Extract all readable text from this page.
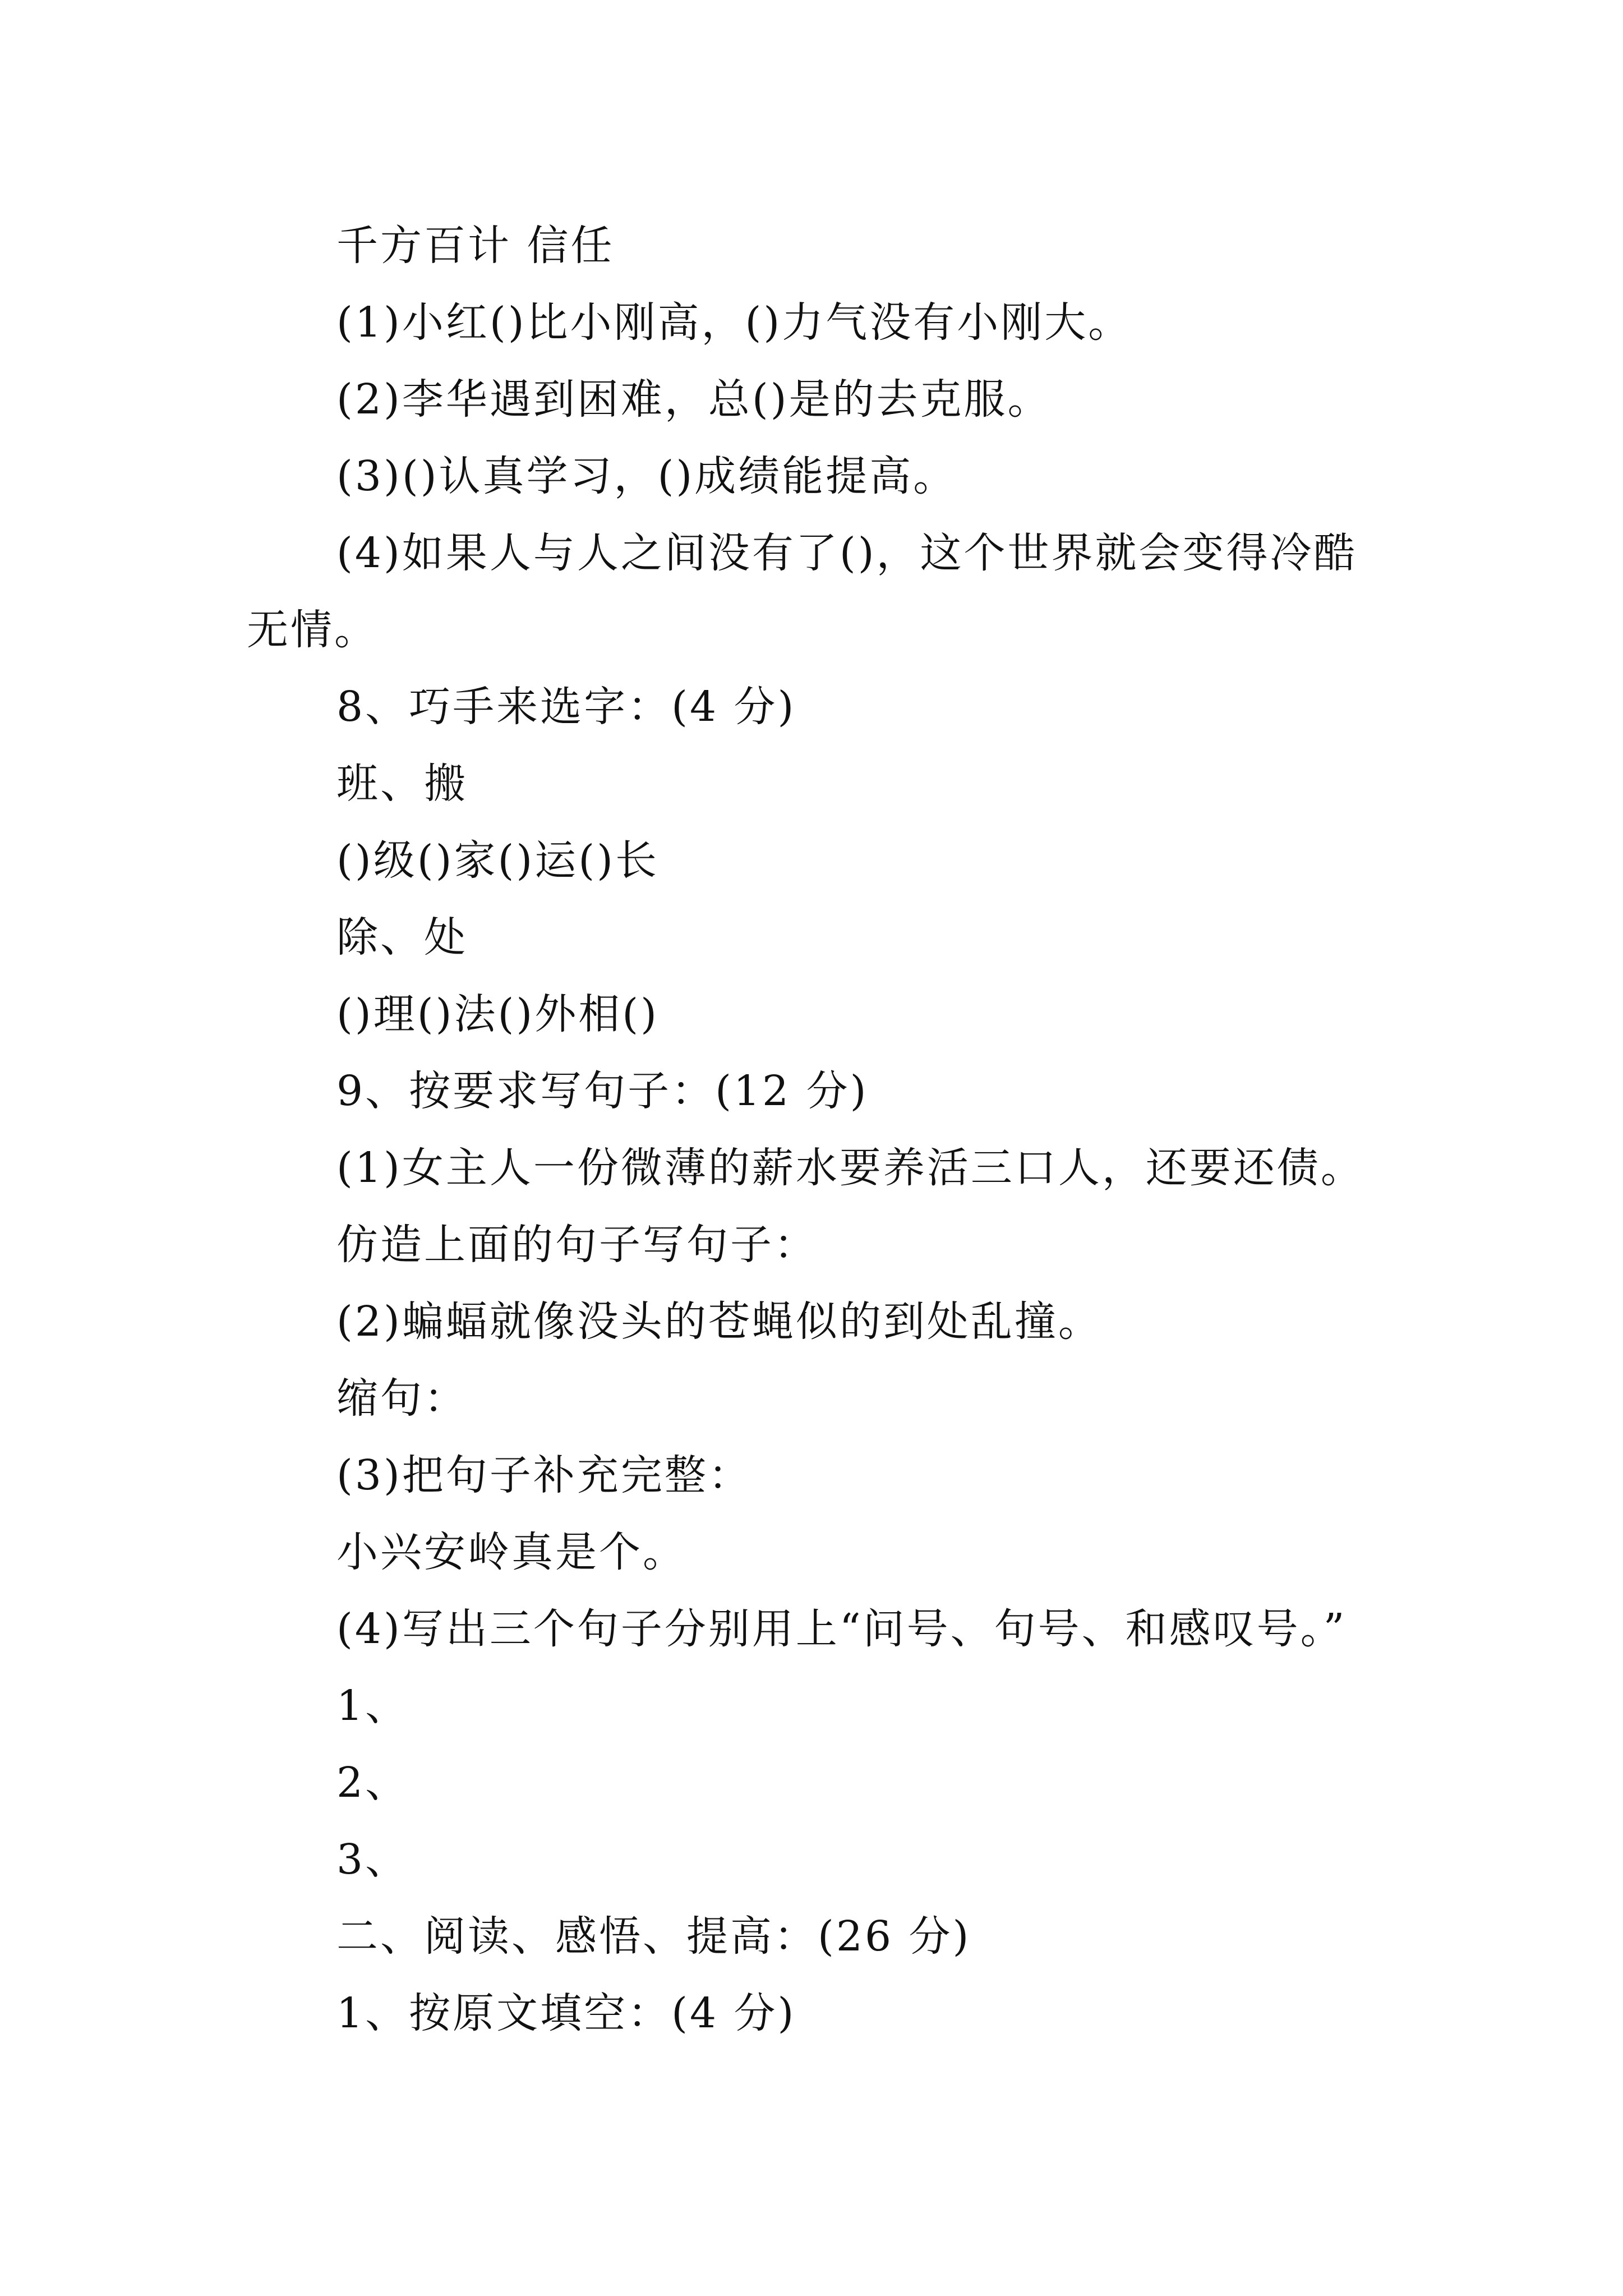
千方百计 信任
(1)小红()比小刚高，()力气没有小刚大。
(2)李华遇到困难，总()是的去克服。
(3)()认真学习，()成绩能提高。
(4)如果人与人之间没有了()，这个世界就会变得冷酷
无情。
8、巧手来选字：(4 分)
班、搬
()级()家()运()长
除、处
()理()法()外相()
9、按要求写句子：(12 分)
(1)女主人一份微薄的薪水要养活三口人，还要还债。
仿造上面的句子写句子：
(2)蝙蝠就像没头的苍蝇似的到处乱撞。
缩句：
(3)把句子补充完整：
小兴安岭真是个。
(4)写出三个句子分别用上“问号、句号、和感叹号。”
1、
2、
3、
二、阅读、感悟、提高：(26 分)
1、按原文填空：(4 分)
